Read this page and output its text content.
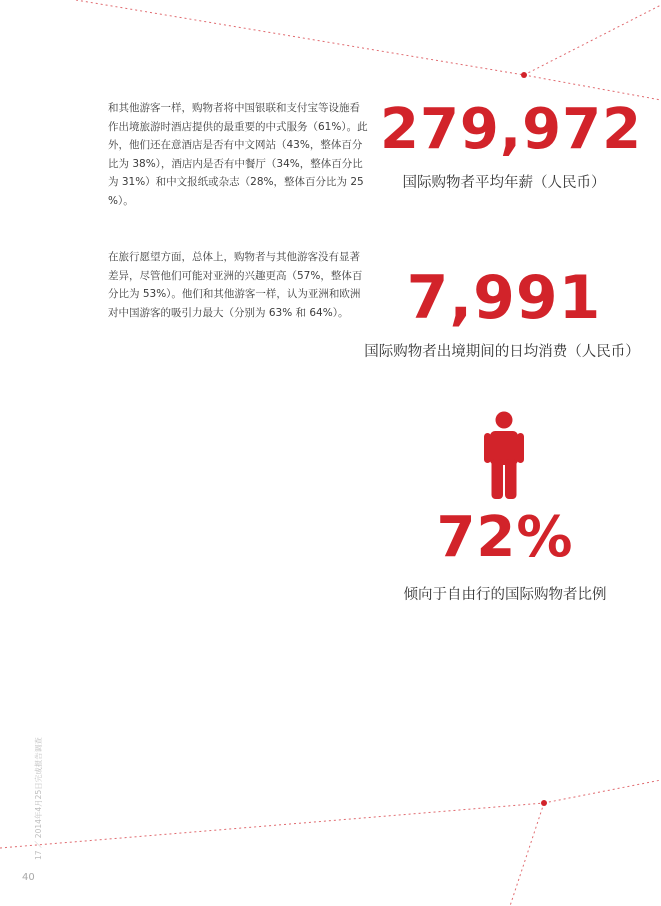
和其他游客一样，购物者将中国银联和支付宝等设施看作出境旅游时酒店提供的最重要的中式服务（61%）。此外，他们还在意酒店是否有中文网站（43%，整体百分比为 38%），酒店内是否有中餐厅（34%，整体百分比为 31%）和中文报纸或杂志（28%，整体百分比为 25 %）。

在旅行愿望方面，总体上，购物者与其他游客没有显著差异，尽管他们可能对亚洲的兴趣更高（57%，整体百分比为 53%）。他们和其他游客一样，认为亚洲和欧洲对中国游客的吸引力最大（分别为 63% 和 64%）。

279,972
国际购物者平均年薪（人民币）
7,991
国际购物者出境期间的日均消费（人民币）
72%
倾向于自由行的国际购物者比例
17 ／ 2014年4月25日完成报告调查
40
